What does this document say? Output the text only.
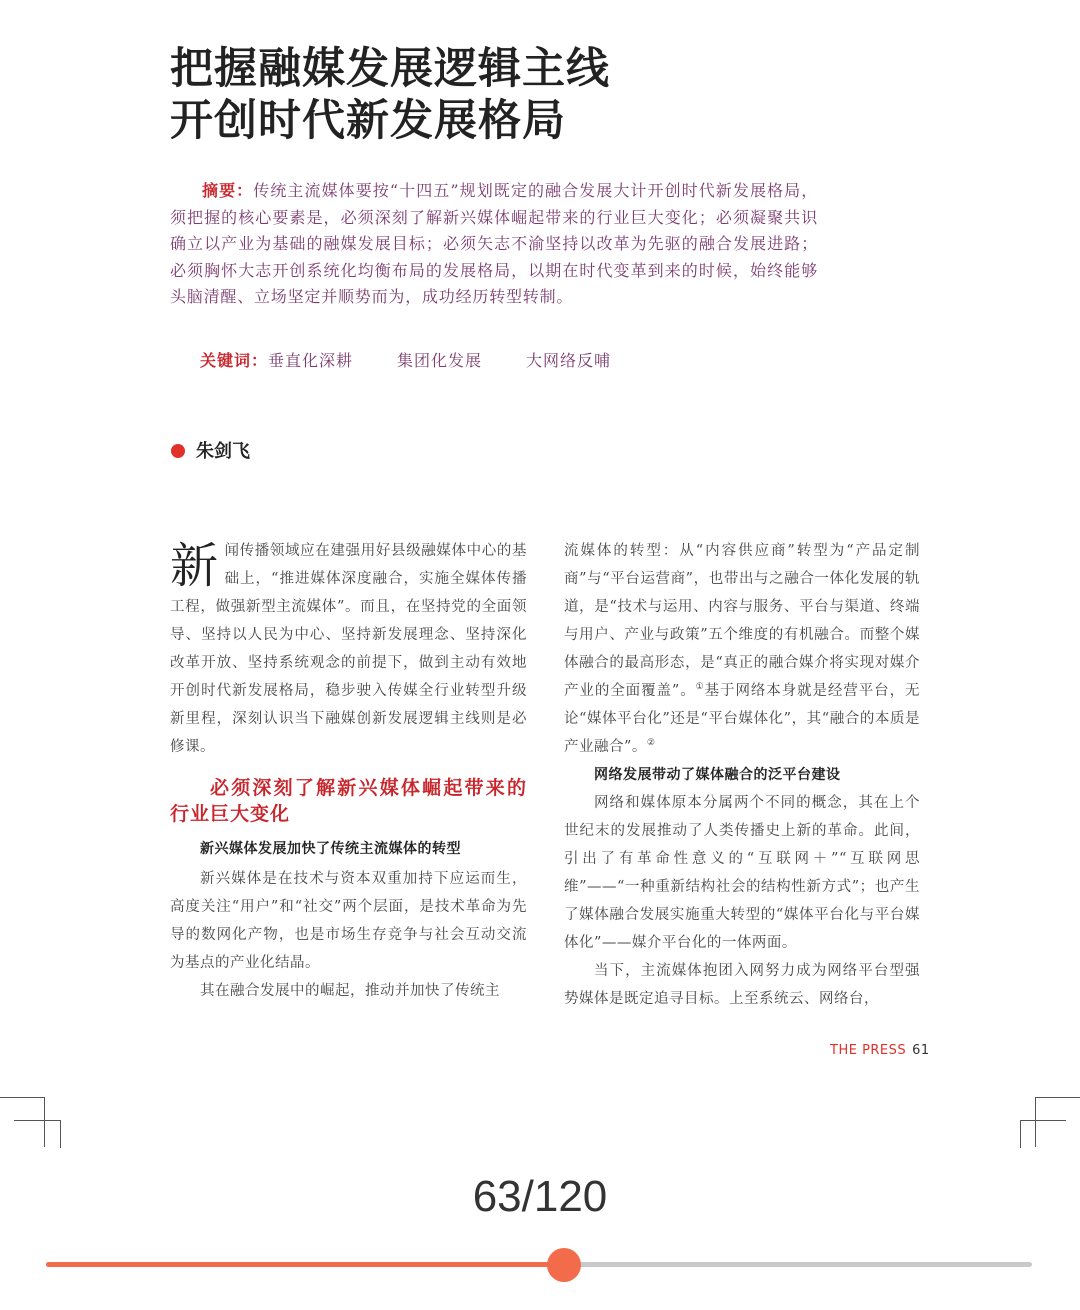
把握融媒发展逻辑主线
开创时代新发展格局
摘要：传统主流媒体要按“十四五”规划既定的融合发展大计开创时代新发展格局，须把握的核心要素是，必须深刻了解新兴媒体崛起带来的行业巨大变化；必须凝聚共识确立以产业为基础的融媒发展目标；必须矢志不渝坚持以改革为先驱的融合发展进路；必须胸怀大志开创系统化均衡布局的发展格局，以期在时代变革到来的时候，始终能够头脑清醒、立场坚定并顺势而为，成功经历转型转制。
关键词：垂直化深耕	集团化发展	大网络反哺
朱剑飞

新闻传播领域应在建强用好县级融媒体中心的基础上，“推进媒体深度融合，实施全媒体传播工程，做强新型主流媒体”。而且，在坚持党的全面领导、坚持以人民为中心、坚持新发展理念、坚持深化改革开放、坚持系统观念的前提下，做到主动有效地开创时代新发展格局，稳步驶入传媒全行业转型升级新里程，深刻认识当下融媒创新发展逻辑主线则是必修课。

必须深刻了解新兴媒体崛起带来的行业巨大变化

新兴媒体发展加快了传统主流媒体的转型

新兴媒体是在技术与资本双重加持下应运而生，高度关注“用户”和“社交”两个层面，是技术革命为先导的数网化产物，也是市场生存竞争与社会互动交流为基点的产业化结晶。

其在融合发展中的崛起，推动并加快了传统主

流媒体的转型：从“内容供应商”转型为“产品定制商”与“平台运营商”，也带出与之融合一体化发展的轨道，是“技术与运用、内容与服务、平台与渠道、终端与用户、产业与政策”五个维度的有机融合。而整个媒体融合的最高形态，是“真正的融合媒介将实现对媒介产业的全面覆盖”。①基于网络本身就是经营平台，无论“媒体平台化”还是“平台媒体化”，其“融合的本质是产业融合”。②

网络发展带动了媒体融合的泛平台建设

网络和媒体原本分属两个不同的概念，其在上个世纪末的发展推动了人类传播史上新的革命。此间，引出了有革命性意义的“互联网＋”“互联网思维”——“一种重新结构社会的结构性新方式”；也产生了媒体融合发展实施重大转型的“媒体平台化与平台媒体化”——媒介平台化的一体两面。

当下，主流媒体抱团入网努力成为网络平台型强势媒体是既定追寻目标。上至系统云、网络台，

THE PRESS 61
63/120
